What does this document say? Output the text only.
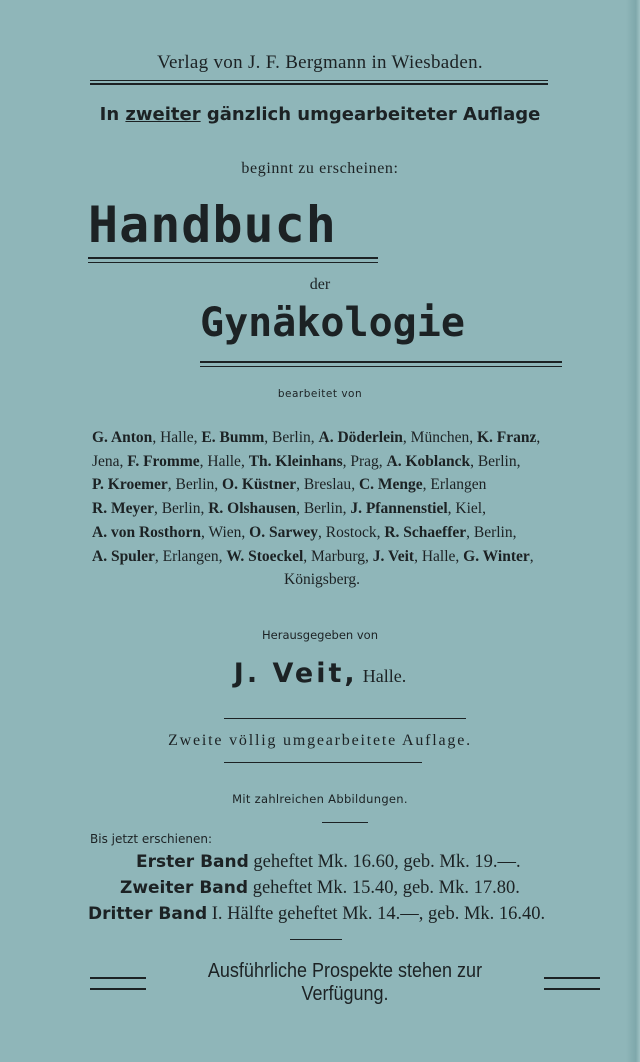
Verlag von J. F. Bergmann in Wiesbaden.
In zweiter gänzlich umgearbeiteter Auflage
beginnt zu erscheinen:
Handbuch
der
Gynäkologie
bearbeitet von
G. Anton, Halle, E. Bumm, Berlin, A. Döderlein, München, K. Franz,
Jena, F. Fromme, Halle, Th. Kleinhans, Prag, A. Koblanck, Berlin,
P. Kroemer, Berlin, O. Küstner, Breslau, C. Menge, Erlangen
R. Meyer, Berlin, R. Olshausen, Berlin, J. Pfannenstiel, Kiel,
A. von Rosthorn, Wien, O. Sarwey, Rostock, R. Schaeffer, Berlin,
A. Spuler, Erlangen, W. Stoeckel, Marburg, J. Veit, Halle, G. Winter,
Königsberg.
Herausgegeben von
J. Veit, Halle.
Zweite völlig umgearbeitete Auflage.
Mit zahlreichen Abbildungen.
Bis jetzt erschienen:
Erster Band geheftet Mk. 16.60, geb. Mk. 19.—.
Zweiter Band geheftet Mk. 15.40, geb. Mk. 17.80.
Dritter Band I. Hälfte geheftet Mk. 14.—, geb. Mk. 16.40.
Ausführliche Prospekte stehen zur Verfügung.
